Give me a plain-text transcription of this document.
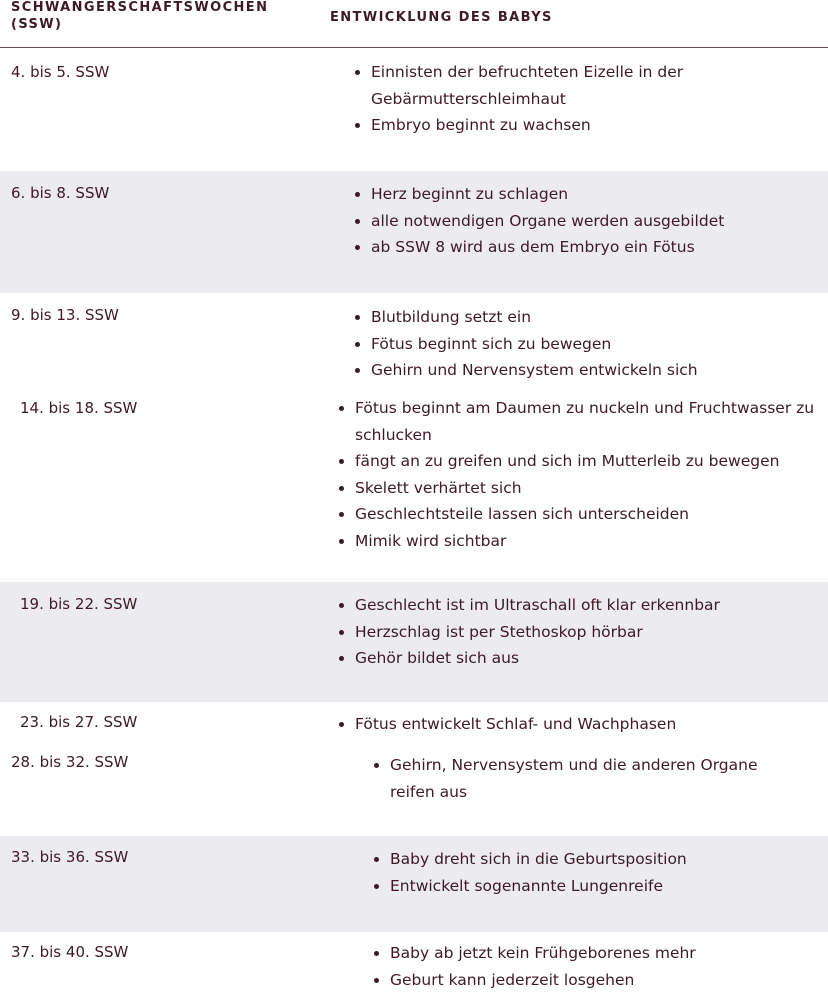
SCHWANGERSCHAFTSWOCHEN (SSW)	ENTWICKLUNG DES BABYS
4. bis 5. SSW	Einnisten der befruchteten Eizelle in der Gebärmutterschleimhaut
Embryo beginnt zu wachsen
6. bis 8. SSW	Herz beginnt zu schlagen
alle notwendigen Organe werden ausgebildet
ab SSW 8 wird aus dem Embryo ein Fötus
9. bis 13. SSW	Blutbildung setzt ein
Fötus beginnt sich zu bewegen
Gehirn und Nervensystem entwickeln sich
14. bis 18. SSW	Fötus beginnt am Daumen zu nuckeln und Fruchtwasser zu schlucken
fängt an zu greifen und sich im Mutterleib zu bewegen
Skelett verhärtet sich
Geschlechtsteile lassen sich unterscheiden
Mimik wird sichtbar
19. bis 22. SSW	Geschlecht ist im Ultraschall oft klar erkennbar
Herzschlag ist per Stethoskop hörbar
Gehör bildet sich aus
23. bis 27. SSW	Fötus entwickelt Schlaf- und Wachphasen
28. bis 32. SSW	Gehirn, Nervensystem und die anderen Organe reifen aus
33. bis 36. SSW	Baby dreht sich in die Geburtsposition
Entwickelt sogenannte Lungenreife
37. bis 40. SSW	Baby ab jetzt kein Frühgeborenes mehr
Geburt kann jederzeit losgehen
